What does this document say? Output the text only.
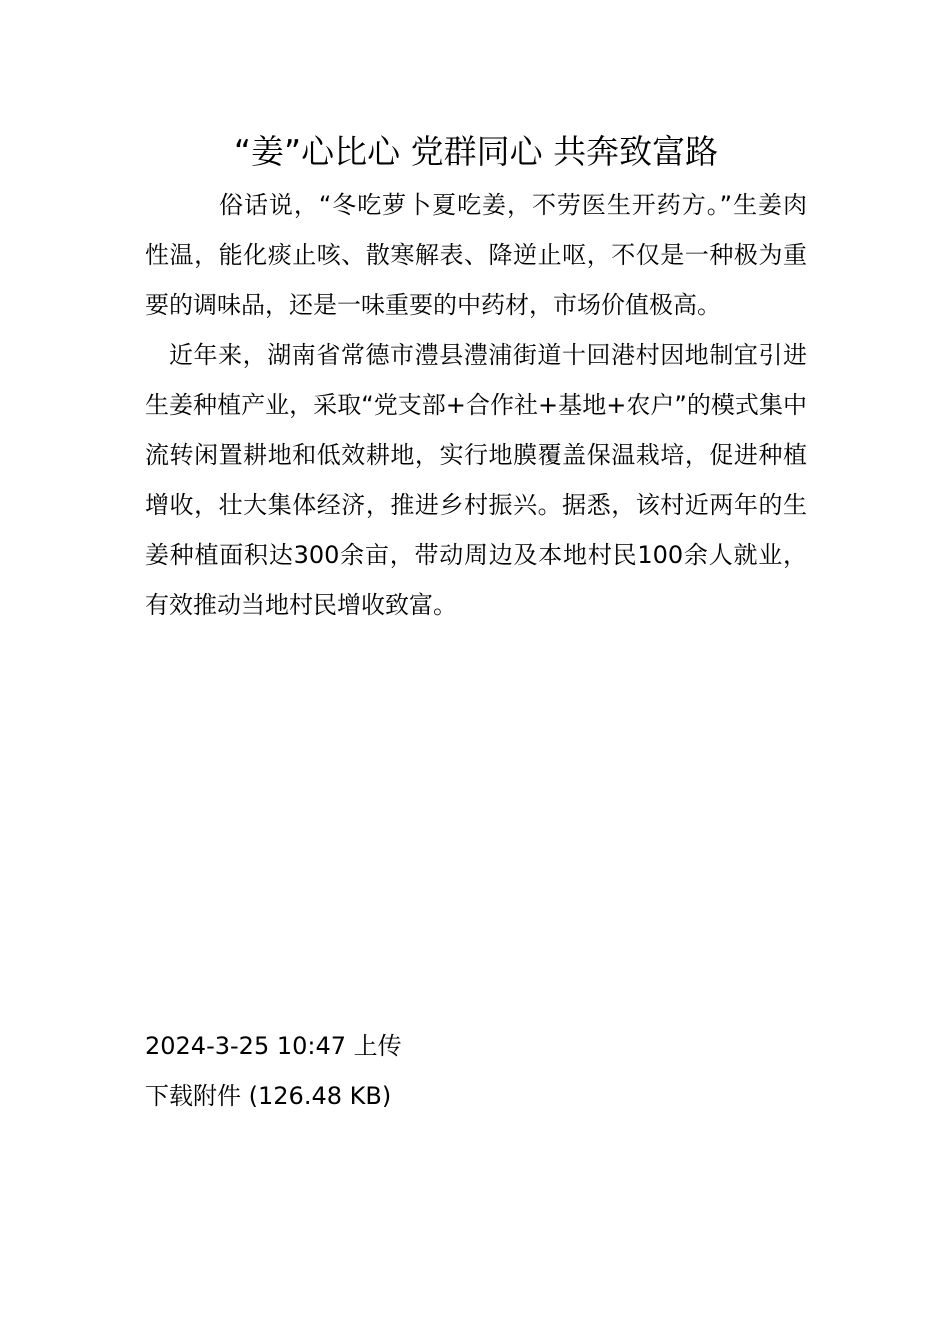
“姜”心比心 党群同心 共奔致富路

俗话说，“冬吃萝卜夏吃姜，不劳医生开药方。”生姜肉性温，能化痰止咳、散寒解表、降逆止呕，不仅是一种极为重要的调味品，还是一味重要的中药材，市场价值极高。

近年来，湖南省常德市澧县澧浦街道十回港村因地制宜引进生姜种植产业，采取“党支部+合作社+基地+农户”的模式集中流转闲置耕地和低效耕地，实行地膜覆盖保温栽培，促进种植增收，壮大集体经济，推进乡村振兴。据悉，该村近两年的生姜种植面积达300余亩，带动周边及本地村民100余人就业，有效推动当地村民增收致富。

2024-3-25 10:47 上传
下载附件 (126.48 KB)
